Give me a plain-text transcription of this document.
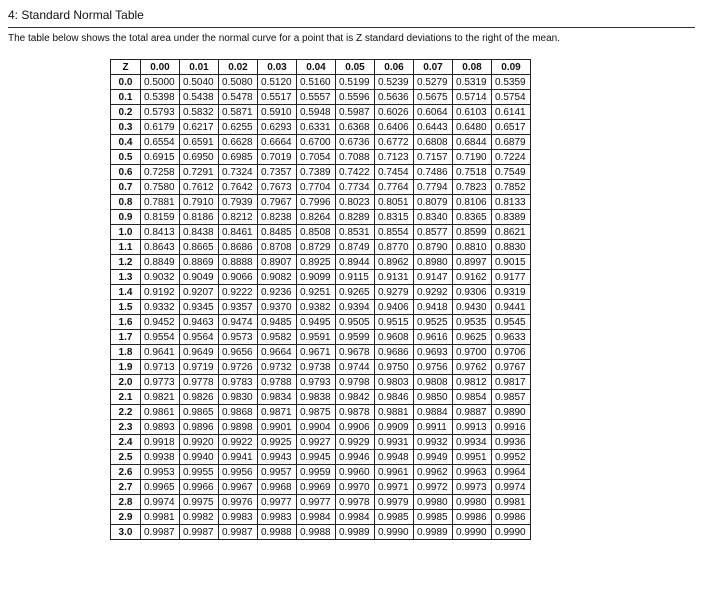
4: Standard Normal Table
The table below shows the total area under the normal curve for a point that is Z standard deviations to the right of the mean.
Z	0.00	0.01	0.02	0.03	0.04	0.05	0.06	0.07	0.08	0.09
0.0	0.5000	0.5040	0.5080	0.5120	0.5160	0.5199	0.5239	0.5279	0.5319	0.5359
0.1	0.5398	0.5438	0.5478	0.5517	0.5557	0.5596	0.5636	0.5675	0.5714	0.5754
0.2	0.5793	0.5832	0.5871	0.5910	0.5948	0.5987	0.6026	0.6064	0.6103	0.6141
0.3	0.6179	0.6217	0.6255	0.6293	0.6331	0.6368	0.6406	0.6443	0.6480	0.6517
0.4	0.6554	0.6591	0.6628	0.6664	0.6700	0.6736	0.6772	0.6808	0.6844	0.6879
0.5	0.6915	0.6950	0.6985	0.7019	0.7054	0.7088	0.7123	0.7157	0.7190	0.7224
0.6	0.7258	0.7291	0.7324	0.7357	0.7389	0.7422	0.7454	0.7486	0.7518	0.7549
0.7	0.7580	0.7612	0.7642	0.7673	0.7704	0.7734	0.7764	0.7794	0.7823	0.7852
0.8	0.7881	0.7910	0.7939	0.7967	0.7996	0.8023	0.8051	0.8079	0.8106	0.8133
0.9	0.8159	0.8186	0.8212	0.8238	0.8264	0.8289	0.8315	0.8340	0.8365	0.8389
1.0	0.8413	0.8438	0.8461	0.8485	0.8508	0.8531	0.8554	0.8577	0.8599	0.8621
1.1	0.8643	0.8665	0.8686	0.8708	0.8729	0.8749	0.8770	0.8790	0.8810	0.8830
1.2	0.8849	0.8869	0.8888	0.8907	0.8925	0.8944	0.8962	0.8980	0.8997	0.9015
1.3	0.9032	0.9049	0.9066	0.9082	0.9099	0.9115	0.9131	0.9147	0.9162	0.9177
1.4	0.9192	0.9207	0.9222	0.9236	0.9251	0.9265	0.9279	0.9292	0.9306	0.9319
1.5	0.9332	0.9345	0.9357	0.9370	0.9382	0.9394	0.9406	0.9418	0.9430	0.9441
1.6	0.9452	0.9463	0.9474	0.9485	0.9495	0.9505	0.9515	0.9525	0.9535	0.9545
1.7	0.9554	0.9564	0.9573	0.9582	0.9591	0.9599	0.9608	0.9616	0.9625	0.9633
1.8	0.9641	0.9649	0.9656	0.9664	0.9671	0.9678	0.9686	0.9693	0.9700	0.9706
1.9	0.9713	0.9719	0.9726	0.9732	0.9738	0.9744	0.9750	0.9756	0.9762	0.9767
2.0	0.9773	0.9778	0.9783	0.9788	0.9793	0.9798	0.9803	0.9808	0.9812	0.9817
2.1	0.9821	0.9826	0.9830	0.9834	0.9838	0.9842	0.9846	0.9850	0.9854	0.9857
2.2	0.9861	0.9865	0.9868	0.9871	0.9875	0.9878	0.9881	0.9884	0.9887	0.9890
2.3	0.9893	0.9896	0.9898	0.9901	0.9904	0.9906	0.9909	0.9911	0.9913	0.9916
2.4	0.9918	0.9920	0.9922	0.9925	0.9927	0.9929	0.9931	0.9932	0.9934	0.9936
2.5	0.9938	0.9940	0.9941	0.9943	0.9945	0.9946	0.9948	0.9949	0.9951	0.9952
2.6	0.9953	0.9955	0.9956	0.9957	0.9959	0.9960	0.9961	0.9962	0.9963	0.9964
2.7	0.9965	0.9966	0.9967	0.9968	0.9969	0.9970	0.9971	0.9972	0.9973	0.9974
2.8	0.9974	0.9975	0.9976	0.9977	0.9977	0.9978	0.9979	0.9980	0.9980	0.9981
2.9	0.9981	0.9982	0.9983	0.9983	0.9984	0.9984	0.9985	0.9985	0.9986	0.9986
3.0	0.9987	0.9987	0.9987	0.9988	0.9988	0.9989	0.9990	0.9989	0.9990	0.9990
